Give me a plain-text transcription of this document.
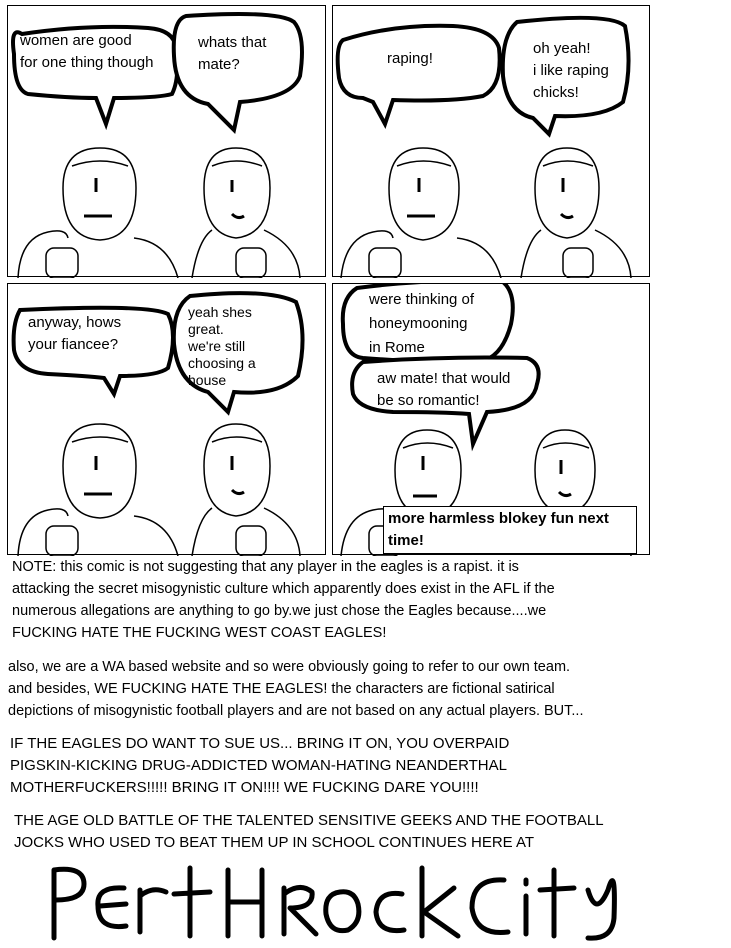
women are good
for one thing though
whats that
mate?	raping!
oh yeah!
i like raping
chicks!
anyway, hows
your fiancee?
yeah shes
great.
we're still
choosing a
house
were thinking of
honeymooning
in Rome
aw mate! that would
be so romantic!
more harmless blokey fun next
time!
NOTE: this comic is not suggesting that any player in the eagles is a rapist. it is
attacking the secret misogynistic culture which apparently does exist in the AFL if the
numerous allegations are anything to go by.we just chose the Eagles because....we
FUCKING HATE THE FUCKING WEST COAST EAGLES!
also, we are a WA based website and so were obviously going to refer to our own team.
and besides, WE FUCKING HATE THE EAGLES! the characters are fictional satirical
depictions of misogynistic football players and are not based on any actual players. BUT...
IF THE EAGLES DO WANT TO SUE US... BRING IT ON, YOU OVERPAID
PIGSKIN-KICKING DRUG-ADDICTED WOMAN-HATING NEANDERTHAL
MOTHERFUCKERS!!!!! BRING IT ON!!!! WE FUCKING DARE YOU!!!!
THE AGE OLD BATTLE OF THE TALENTED SENSITIVE GEEKS AND THE FOOTBALL
JOCKS WHO USED TO BEAT THEM UP IN SCHOOL CONTINUES HERE AT
